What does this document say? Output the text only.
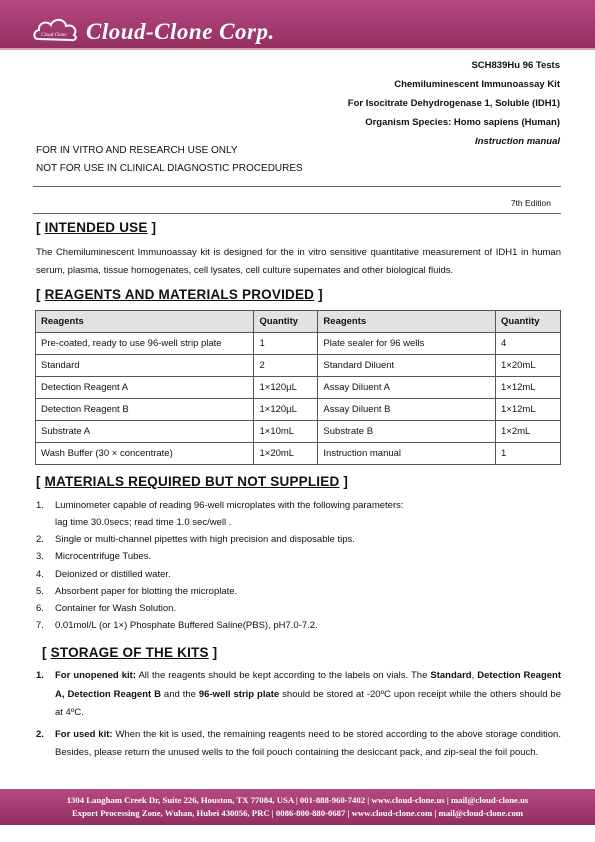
Cloud Clone Cloud-Clone Corp.
SCH839Hu 96 Tests
Chemiluminescent Immunoassay Kit
For Isocitrate Dehydrogenase 1, Soluble (IDH1)
Organism Species: Homo sapiens (Human)
Instruction manual
FOR IN VITRO AND RESEARCH USE ONLY
NOT FOR USE IN CLINICAL DIAGNOSTIC PROCEDURES
7th Edition
[ INTENDED USE ]
The Chemiluminescent Immunoassay kit is designed for the in vitro sensitive quantitative measurement of IDH1 in human serum, plasma, tissue homogenates, cell lysates, cell culture supernates and other biological fluids.
[ REAGENTS AND MATERIALS PROVIDED ]
Reagents	Quantity	Reagents	Quantity
Pre-coated, ready to use 96-well strip plate	1	Plate sealer for 96 wells	4
Standard	2	Standard Diluent	1×20mL
Detection Reagent A	1×120µL	Assay Diluent A	1×12mL
Detection Reagent B	1×120µL	Assay Diluent B	1×12mL
Substrate A	1×10mL	Substrate B	1×2mL
Wash Buffer (30 × concentrate)	1×20mL	Instruction manual	1
[ MATERIALS REQUIRED BUT NOT SUPPLIED ]
1.	Luminometer capable of reading 96-well microplates with the following parameters:
lag time 30.0secs; read time 1.0 sec/well .
2.	Single or multi-channel pipettes with high precision and disposable tips.
3.	Microcentrifuge Tubes.
4.	Deionized or distilled water.
5.	Absorbent paper for blotting the microplate.
6.	Container for Wash Solution.
7.	0.01mol/L (or 1×) Phosphate Buffered Saline(PBS), pH7.0-7.2.
[ STORAGE OF THE KITS ]
1. For unopened kit: All the reagents should be kept according to the labels on vials. The Standard, Detection Reagent A, Detection Reagent B and the 96-well strip plate should be stored at -20ºC upon receipt while the others should be at 4ºC.
2. For used kit: When the kit is used, the remaining reagents need to be stored according to the above storage condition. Besides, please return the unused wells to the foil pouch containing the desiccant pack, and zip-seal the foil pouch.
1304 Langham Creek Dr, Suite 226, Houston, TX 77084, USA | 001-888-960-7402 | www.cloud-clone.us | mail@cloud-clone.us
Export Processing Zone, Wuhan, Hubei 430056, PRC | 0086-800-880-0687 | www.cloud-clone.com | mail@cloud-clone.com
